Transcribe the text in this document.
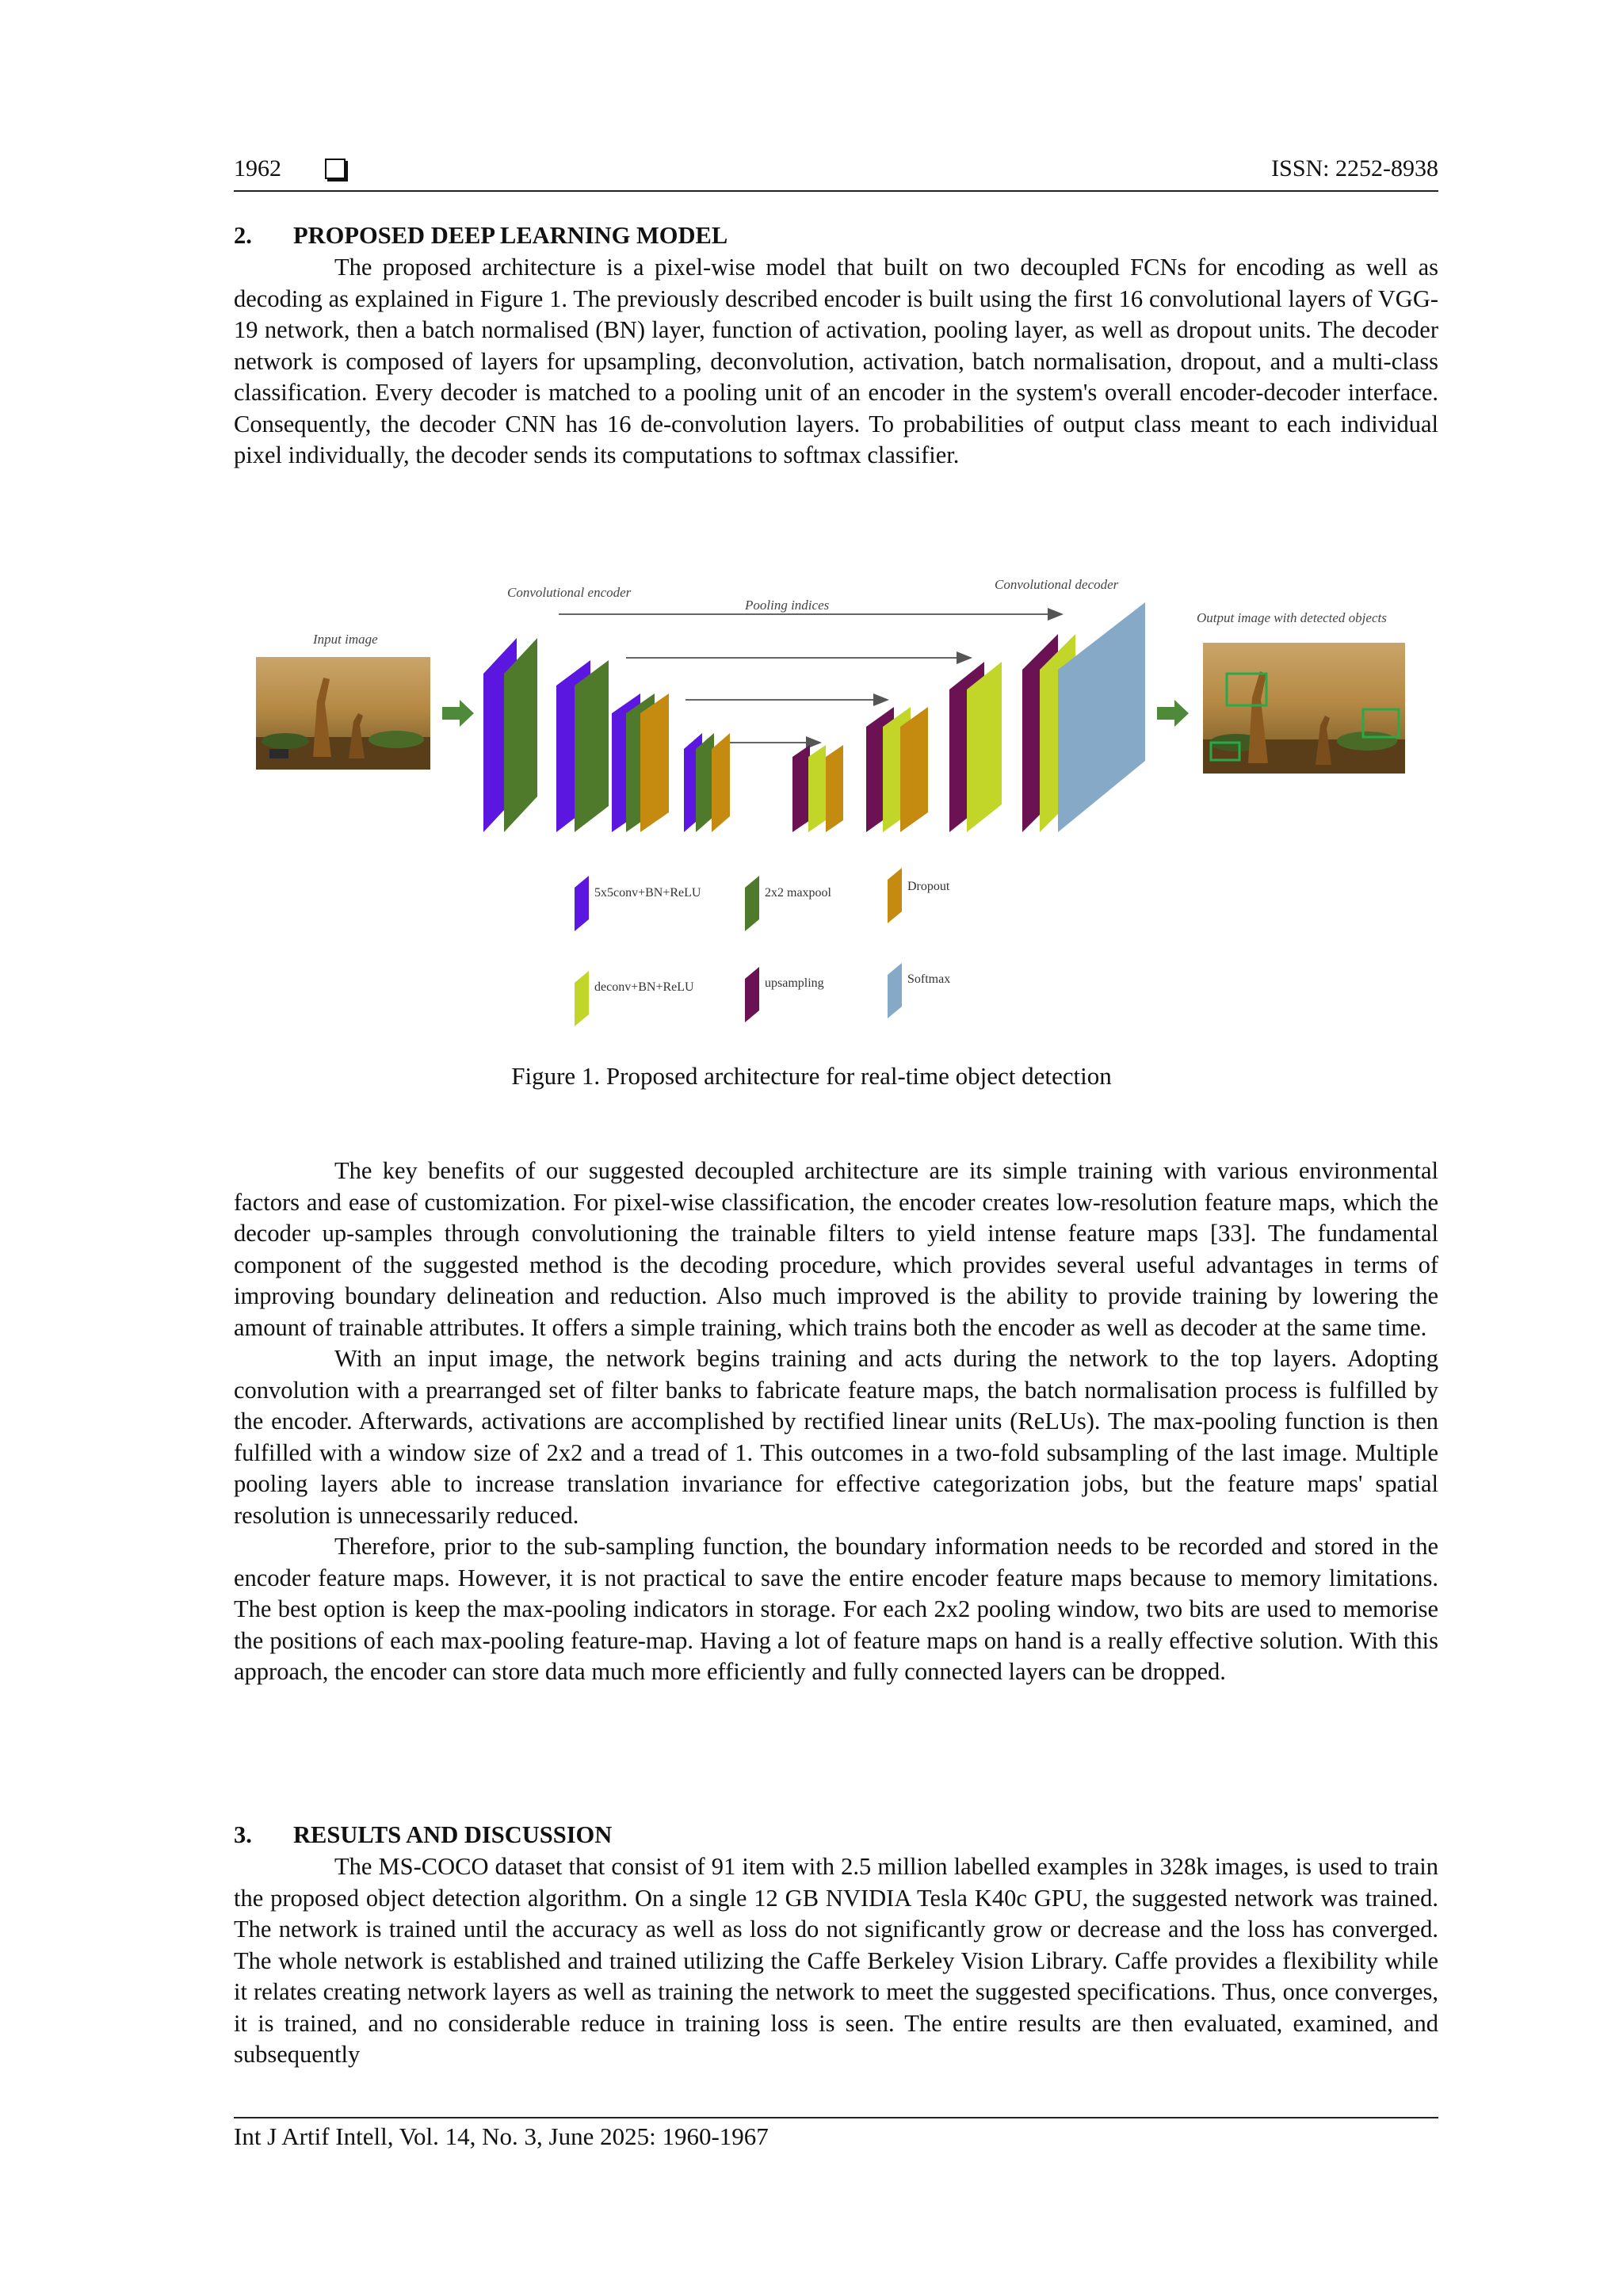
1962	ISSN: 2252-8938
2. PROPOSED DEEP LEARNING MODEL

The proposed architecture is a pixel-wise model that built on two decoupled FCNs for encoding as well as decoding as explained in Figure 1. The previously described encoder is built using the first 16 convolutional layers of VGG-19 network, then a batch normalised (BN) layer, function of activation, pooling layer, as well as dropout units. The decoder network is composed of layers for upsampling, deconvolution, activation, batch normalisation, dropout, and a multi-class classification. Every decoder is matched to a pooling unit of an encoder in the system's overall encoder-decoder interface. Consequently, the decoder CNN has 16 de-convolution layers. To probabilities of output class meant to each individual pixel individually, the decoder sends its computations to softmax classifier.

Input image
Convolutional encoder
Pooling indices
Convolutional decoder
Output image with detected objects
5x5conv+BN+ReLU	2x2 maxpool	Dropout
deconv+BN+ReLU	upsampling	Softmax
Figure 1. Proposed architecture for real-time object detection

The key benefits of our suggested decoupled architecture are its simple training with various environmental factors and ease of customization. For pixel-wise classification, the encoder creates low-resolution feature maps, which the decoder up-samples through convolutioning the trainable filters to yield intense feature maps [33]. The fundamental component of the suggested method is the decoding procedure, which provides several useful advantages in terms of improving boundary delineation and reduction. Also much improved is the ability to provide training by lowering the amount of trainable attributes. It offers a simple training, which trains both the encoder as well as decoder at the same time.

With an input image, the network begins training and acts during the network to the top layers. Adopting convolution with a prearranged set of filter banks to fabricate feature maps, the batch normalisation process is fulfilled by the encoder. Afterwards, activations are accomplished by rectified linear units (ReLUs). The max-pooling function is then fulfilled with a window size of 2x2 and a tread of 1. This outcomes in a two-fold subsampling of the last image. Multiple pooling layers able to increase translation invariance for effective categorization jobs, but the feature maps' spatial resolution is unnecessarily reduced.

Therefore, prior to the sub-sampling function, the boundary information needs to be recorded and stored in the encoder feature maps. However, it is not practical to save the entire encoder feature maps because to memory limitations. The best option is keep the max-pooling indicators in storage. For each 2x2 pooling window, two bits are used to memorise the positions of each max-pooling feature-map. Having a lot of feature maps on hand is a really effective solution. With this approach, the encoder can store data much more efficiently and fully connected layers can be dropped.

3. RESULTS AND DISCUSSION

The MS-COCO dataset that consist of 91 item with 2.5 million labelled examples in 328k images, is used to train the proposed object detection algorithm. On a single 12 GB NVIDIA Tesla K40c GPU, the suggested network was trained. The network is trained until the accuracy as well as loss do not significantly grow or decrease and the loss has converged. The whole network is established and trained utilizing the Caffe Berkeley Vision Library. Caffe provides a flexibility while it relates creating network layers as well as training the network to meet the suggested specifications. Thus, once converges, it is trained, and no considerable reduce in training loss is seen. The entire results are then evaluated, examined, and subsequently

Int J Artif Intell, Vol. 14, No. 3, June 2025: 1960-1967
